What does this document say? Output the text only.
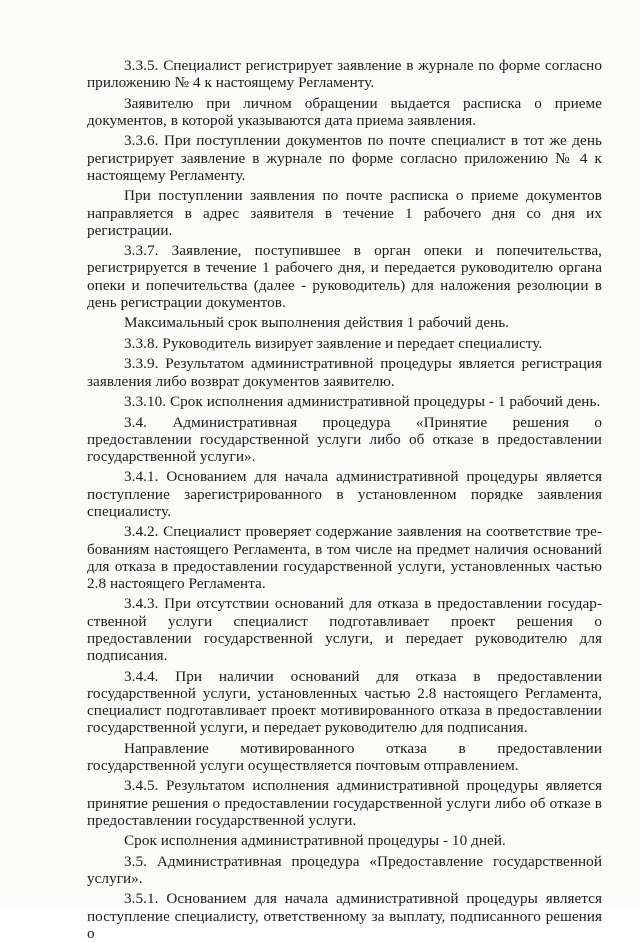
3.3.5. Специалист регистрирует заявление в журнале по форме согласно приложению № 4 к настоящему Регламенту.

Заявителю при личном обращении выдается расписка о приеме документов, в которой указываются дата приема заявления.

3.3.6. При поступлении документов по почте специалист в тот же день регистрирует заявление в журнале по форме согласно приложению № 4 к настоящему Регламенту.

При поступлении заявления по почте расписка о приеме документов направляется в адрес заявителя в течение 1 рабочего дня со дня их регистрации.

3.3.7. Заявление, поступившее в орган опеки и попечительства, регистрируется в течение 1 рабочего дня, и передается руководителю органа опеки и попечительства (далее - руководитель) для наложения резолюции в день регистрации документов.

Максимальный срок выполнения действия 1 рабочий день.

3.3.8. Руководитель визирует заявление и передает специалисту.

3.3.9. Результатом административной процедуры является регистрация заявления либо возврат документов заявителю.

3.3.10. Срок исполнения административной процедуры - 1 рабочий день.

3.4. Административная процедура «Принятие решения о предоставлении государственной услуги либо об отказе в предоставлении государственной услуги».

3.4.1. Основанием для начала административной процедуры является поступление зарегистрированного в установленном порядке заявления специалисту.

3.4.2. Специалист проверяет содержание заявления на соответствие требованиям настоящего Регламента, в том числе на предмет наличия оснований для отказа в предоставлении государственной услуги, установленных частью 2.8 настоящего Регламента.

3.4.3. При отсутствии оснований для отказа в предоставлении государственной услуги специалист подготавливает проект решения о предоставлении государственной услуги, и передает руководителю для подписания.

3.4.4. При наличии оснований для отказа в предоставлении государственной услуги, установленных частью 2.8 настоящего Регламента, специалист подготавливает проект мотивированного отказа в предоставлении государственной услуги, и передает руководителю для подписания.

Направление мотивированного отказа в предоставлении государственной услуги осуществляется почтовым отправлением.

3.4.5. Результатом исполнения административной процедуры является принятие решения о предоставлении государственной услуги либо об отказе в предоставлении государственной услуги.

Срок исполнения административной процедуры - 10 дней.

3.5. Административная процедура «Предоставление государственной услуги».

3.5.1. Основанием для начала административной процедуры является поступление специалисту, ответственному за выплату, подписанного решения о
